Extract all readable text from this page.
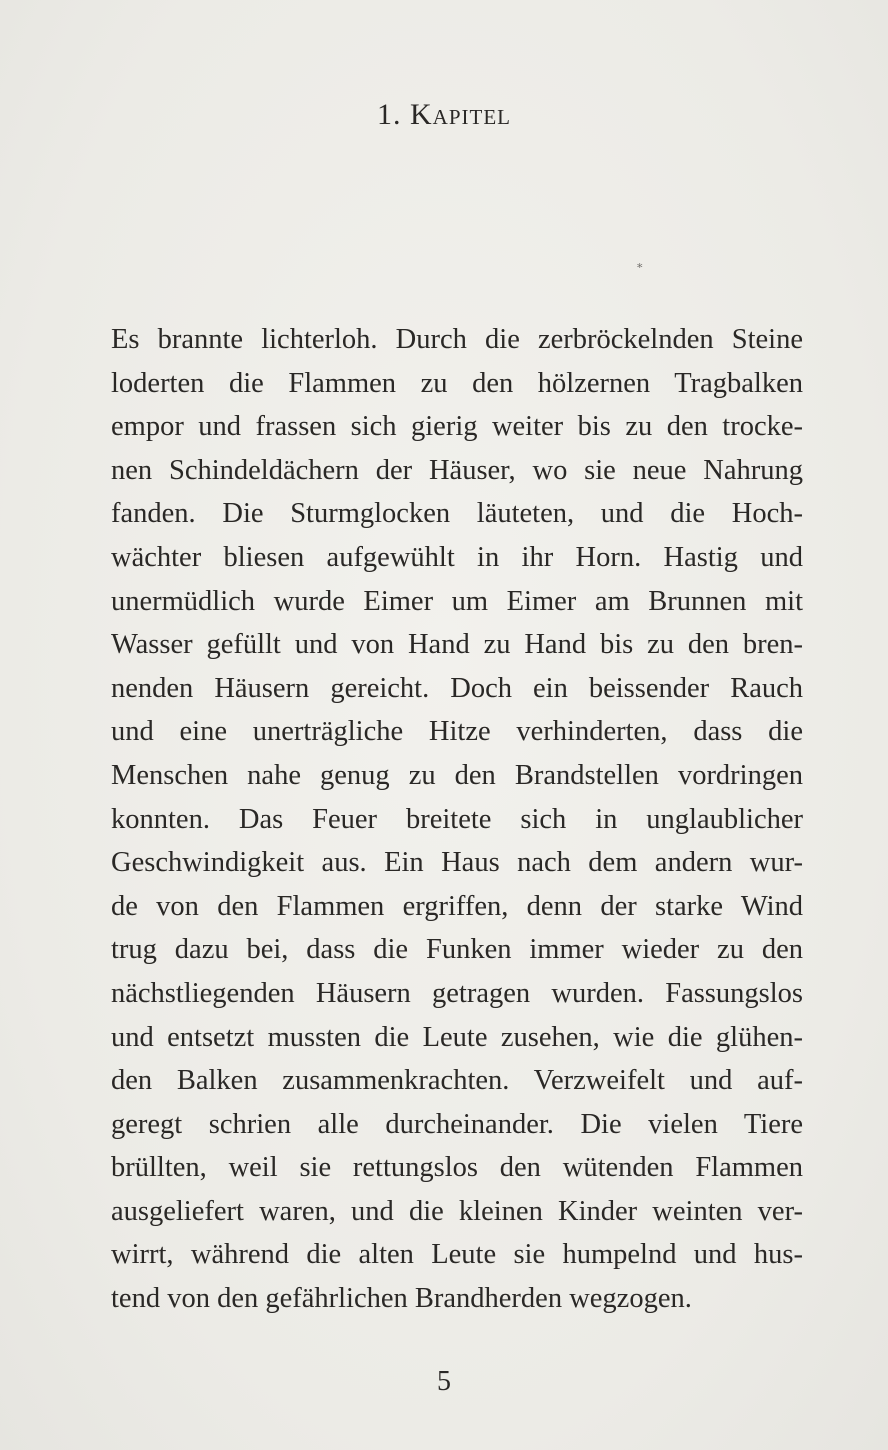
1. Kapitel
∗
Es brannte lichterloh. Durch die zerbröckelnden Steine
loderten die Flammen zu den hölzernen Tragbalken
empor und frassen sich gierig weiter bis zu den trocke-
nen Schindeldächern der Häuser, wo sie neue Nahrung
fanden. Die Sturmglocken läuteten, und die Hoch-
wächter bliesen aufgewühlt in ihr Horn. Hastig und
unermüdlich wurde Eimer um Eimer am Brunnen mit
Wasser gefüllt und von Hand zu Hand bis zu den bren-
nenden Häusern gereicht. Doch ein beissender Rauch
und eine unerträgliche Hitze verhinderten, dass die
Menschen nahe genug zu den Brandstellen vordringen
konnten. Das Feuer breitete sich in unglaublicher
Geschwindigkeit aus. Ein Haus nach dem andern wur-
de von den Flammen ergriffen, denn der starke Wind
trug dazu bei, dass die Funken immer wieder zu den
nächstliegenden Häusern getragen wurden. Fassungslos
und entsetzt mussten die Leute zusehen, wie die glühen-
den Balken zusammenkrachten. Verzweifelt und auf-
geregt schrien alle durcheinander. Die vielen Tiere
brüllten, weil sie rettungslos den wütenden Flammen
ausgeliefert waren, und die kleinen Kinder weinten ver-
wirrt, während die alten Leute sie humpelnd und hus-
tend von den gefährlichen Brandherden wegzogen.
5
